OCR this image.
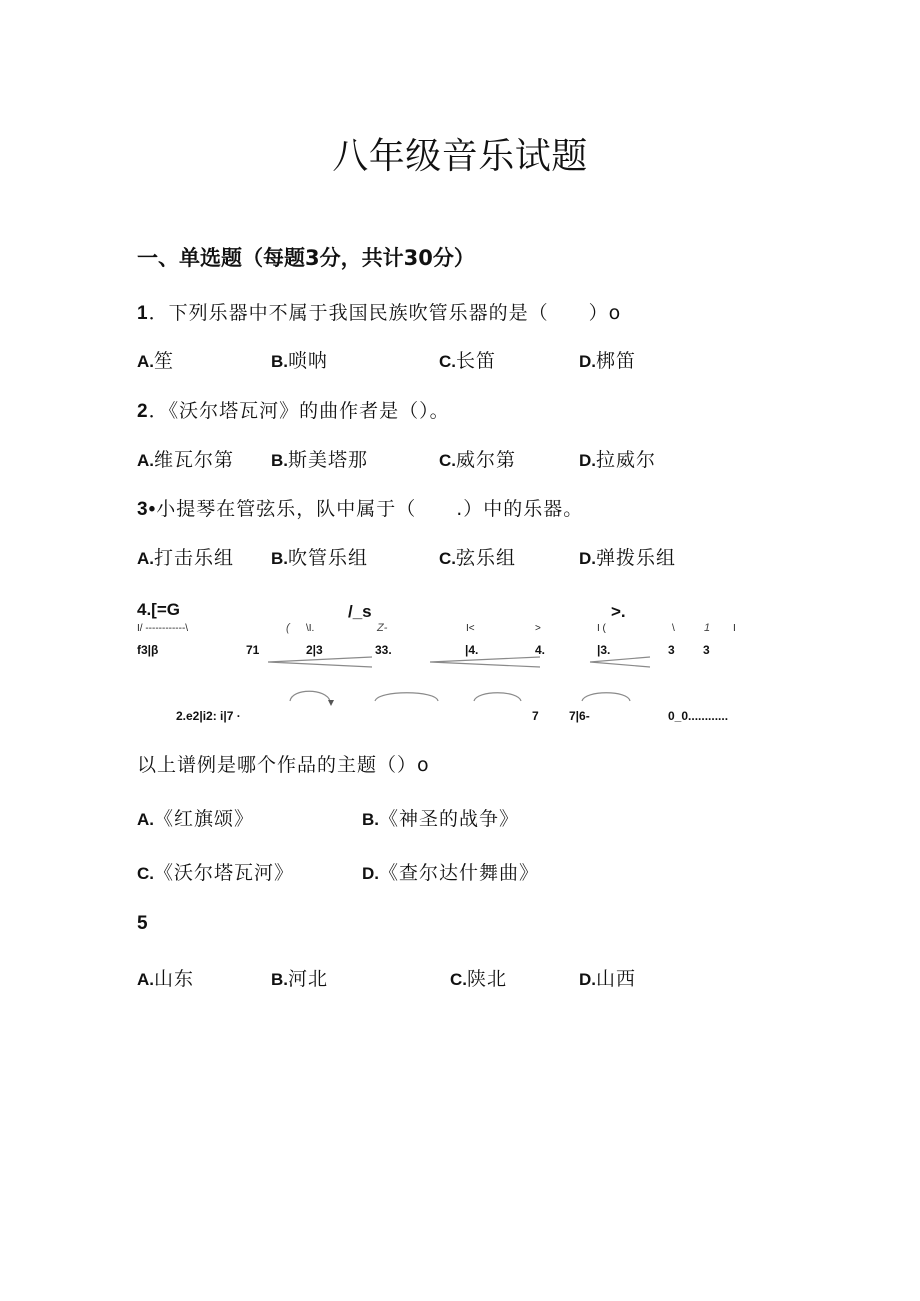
八年级音乐试题
一、单选题（每题3分，共计30分）
1．下列乐器中不属于我国民族吹管乐器的是（　　）o
A.笙	B.唢呐	C.长笛	D.梆笛
2．《沃尔塔瓦河》的曲作者是（）。
A.维瓦尔第 B.斯美塔那	C.威尔第	D.拉威尔
3•小提琴在管弦乐，队中属于（　　.）中的乐器。
A.打击乐组 B.吹管乐组	C.弦乐组	D.弹拨乐组
4.[=G	/_s	>.
I/ ------------\	( \I.	Z-	I<	>	I (	\	1 I
f3|β	71	2|3	33.	|4.	4.	|3.	3 3
2.e2|i2: i|7 ·	7	7|6-	0_0............
以上谱例是哪个作品的主题（）o
A.《红旗颂》	B.《神圣的战争》
C.《沃尔塔瓦河》	D.《查尔达什舞曲》
5
A.山东	B.河北	C.陕北	D.山西
